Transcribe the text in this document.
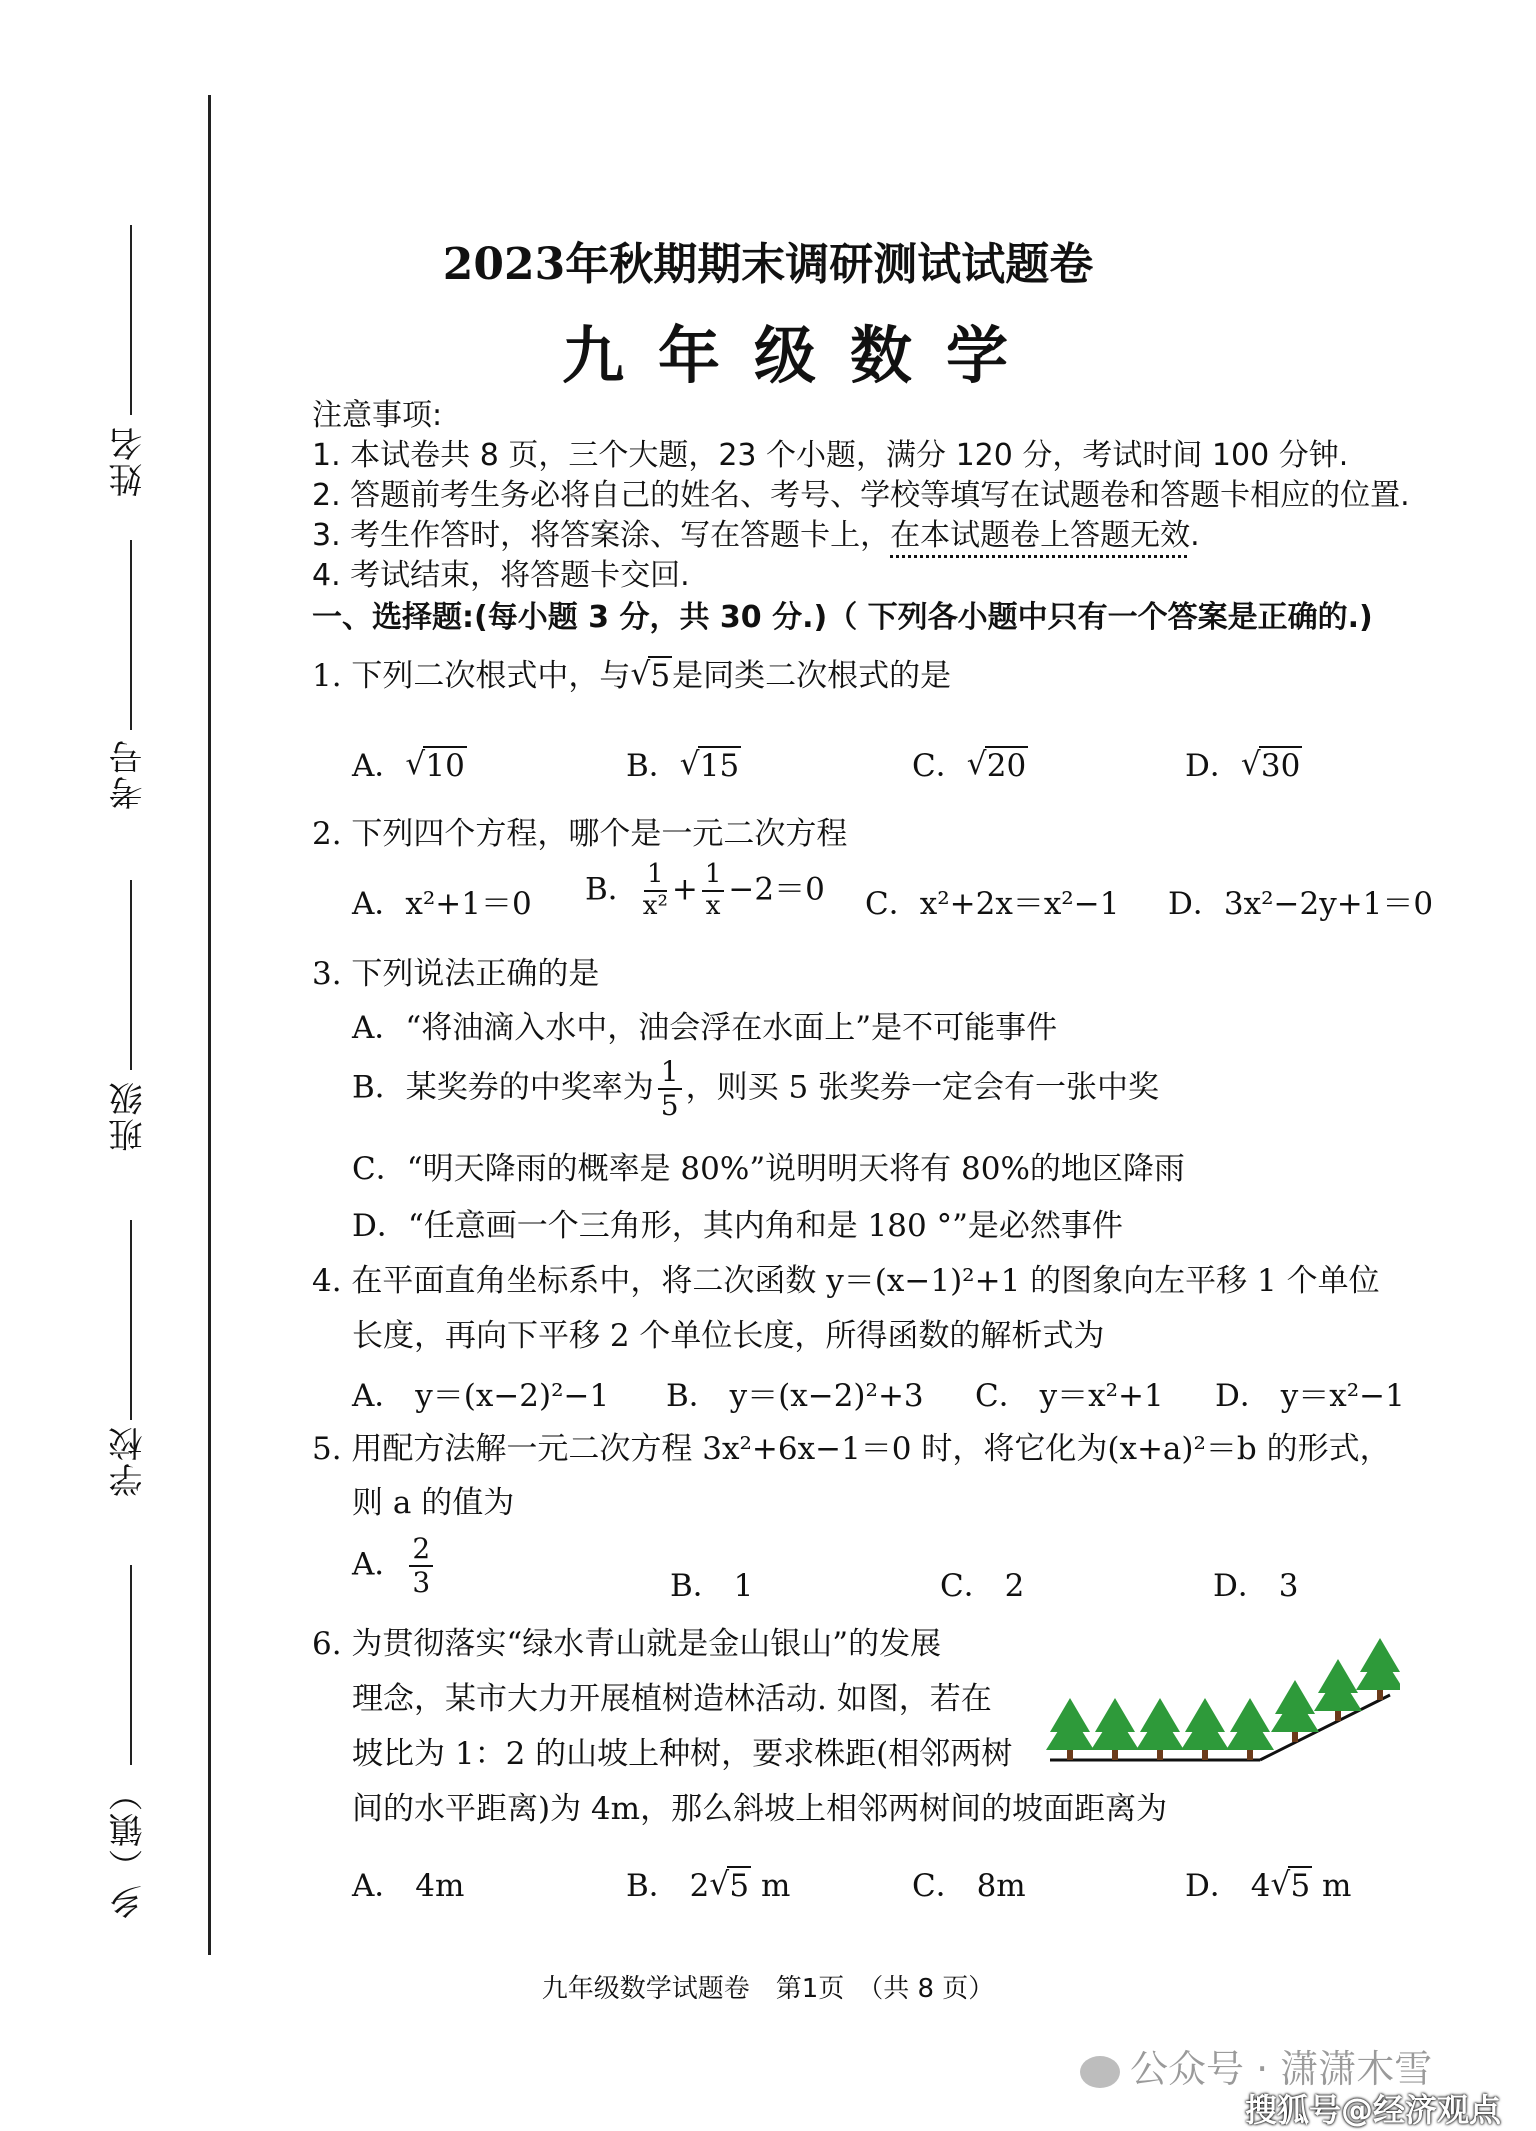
姓名
考号
班级
学校
乡（镇）
2023年秋期期末调研测试试题卷
九年级数学
注意事项:
1. 本试卷共 8 页，三个大题，23 个小题，满分 120 分，考试时间 100 分钟.
2. 答题前考生务必将自己的姓名、考号、学校等填写在试题卷和答题卡相应的位置.
3. 考生作答时，将答案涂、写在答题卡上，在本试题卷上答题无效.
4. 考试结束，将答题卡交回.
一、选择题:(每小题 3 分，共 30 分.)（ 下列各小题中只有一个答案是正确的.)
1. 下列二次根式中，与 √ 5是同类二次根式的是
A． √ 10	B． √ 15	C． √ 20	D． √ 30
2. 下列四个方程，哪个是一元二次方程
A．x²+1＝0 B． $\frac{1}{\text{x²}} + \frac{1}{x} -2=0$ C．x²+2x＝x²−1 D．3x²−2y+1＝0
3. 下列说法正确的是
A．“将油滴入水中，油会浮在水面上”是不可能事件
B．某奖券的中奖率为 $\frac{1}{5}$ ，则买 5 张奖券一定会有一张中奖
C．“明天降雨的概率是 80%”说明明天将有 80%的地区降雨
D．“任意画一个三角形，其内角和是 180 °”是必然事件
4. 在平面直角坐标系中，将二次函数 y＝(x−1)²+1 的图象向左平移 1 个单位
长度，再向下平移 2 个单位长度，所得函数的解析式为
A． y＝(x−2)²−1 B． y＝(x−2)²+3 C． y＝x²+1 D． y＝x²−1
5. 用配方法解一元二次方程 3x²+6x−1＝0 时，将它化为(x+a)²＝b 的形式，
则 a 的值为
A． $\frac{2}{3}$	B． 1	C． 2	D． 3
6. 为贯彻落实“绿水青山就是金山银山”的发展
理念，某市大力开展植树造林活动. 如图，若在
坡比为 1：2 的山坡上种树，要求株距(相邻两树
间的水平距离)为 4m，那么斜坡上相邻两树间的坡面距离为
A． 4m	B． 2 √ 5 m	C． 8m	D． 4 √ 5 m
九年级数学试题卷　第1页　（共 8 页）
公众号 · 潇潇木雪
搜狐号@经济观点
